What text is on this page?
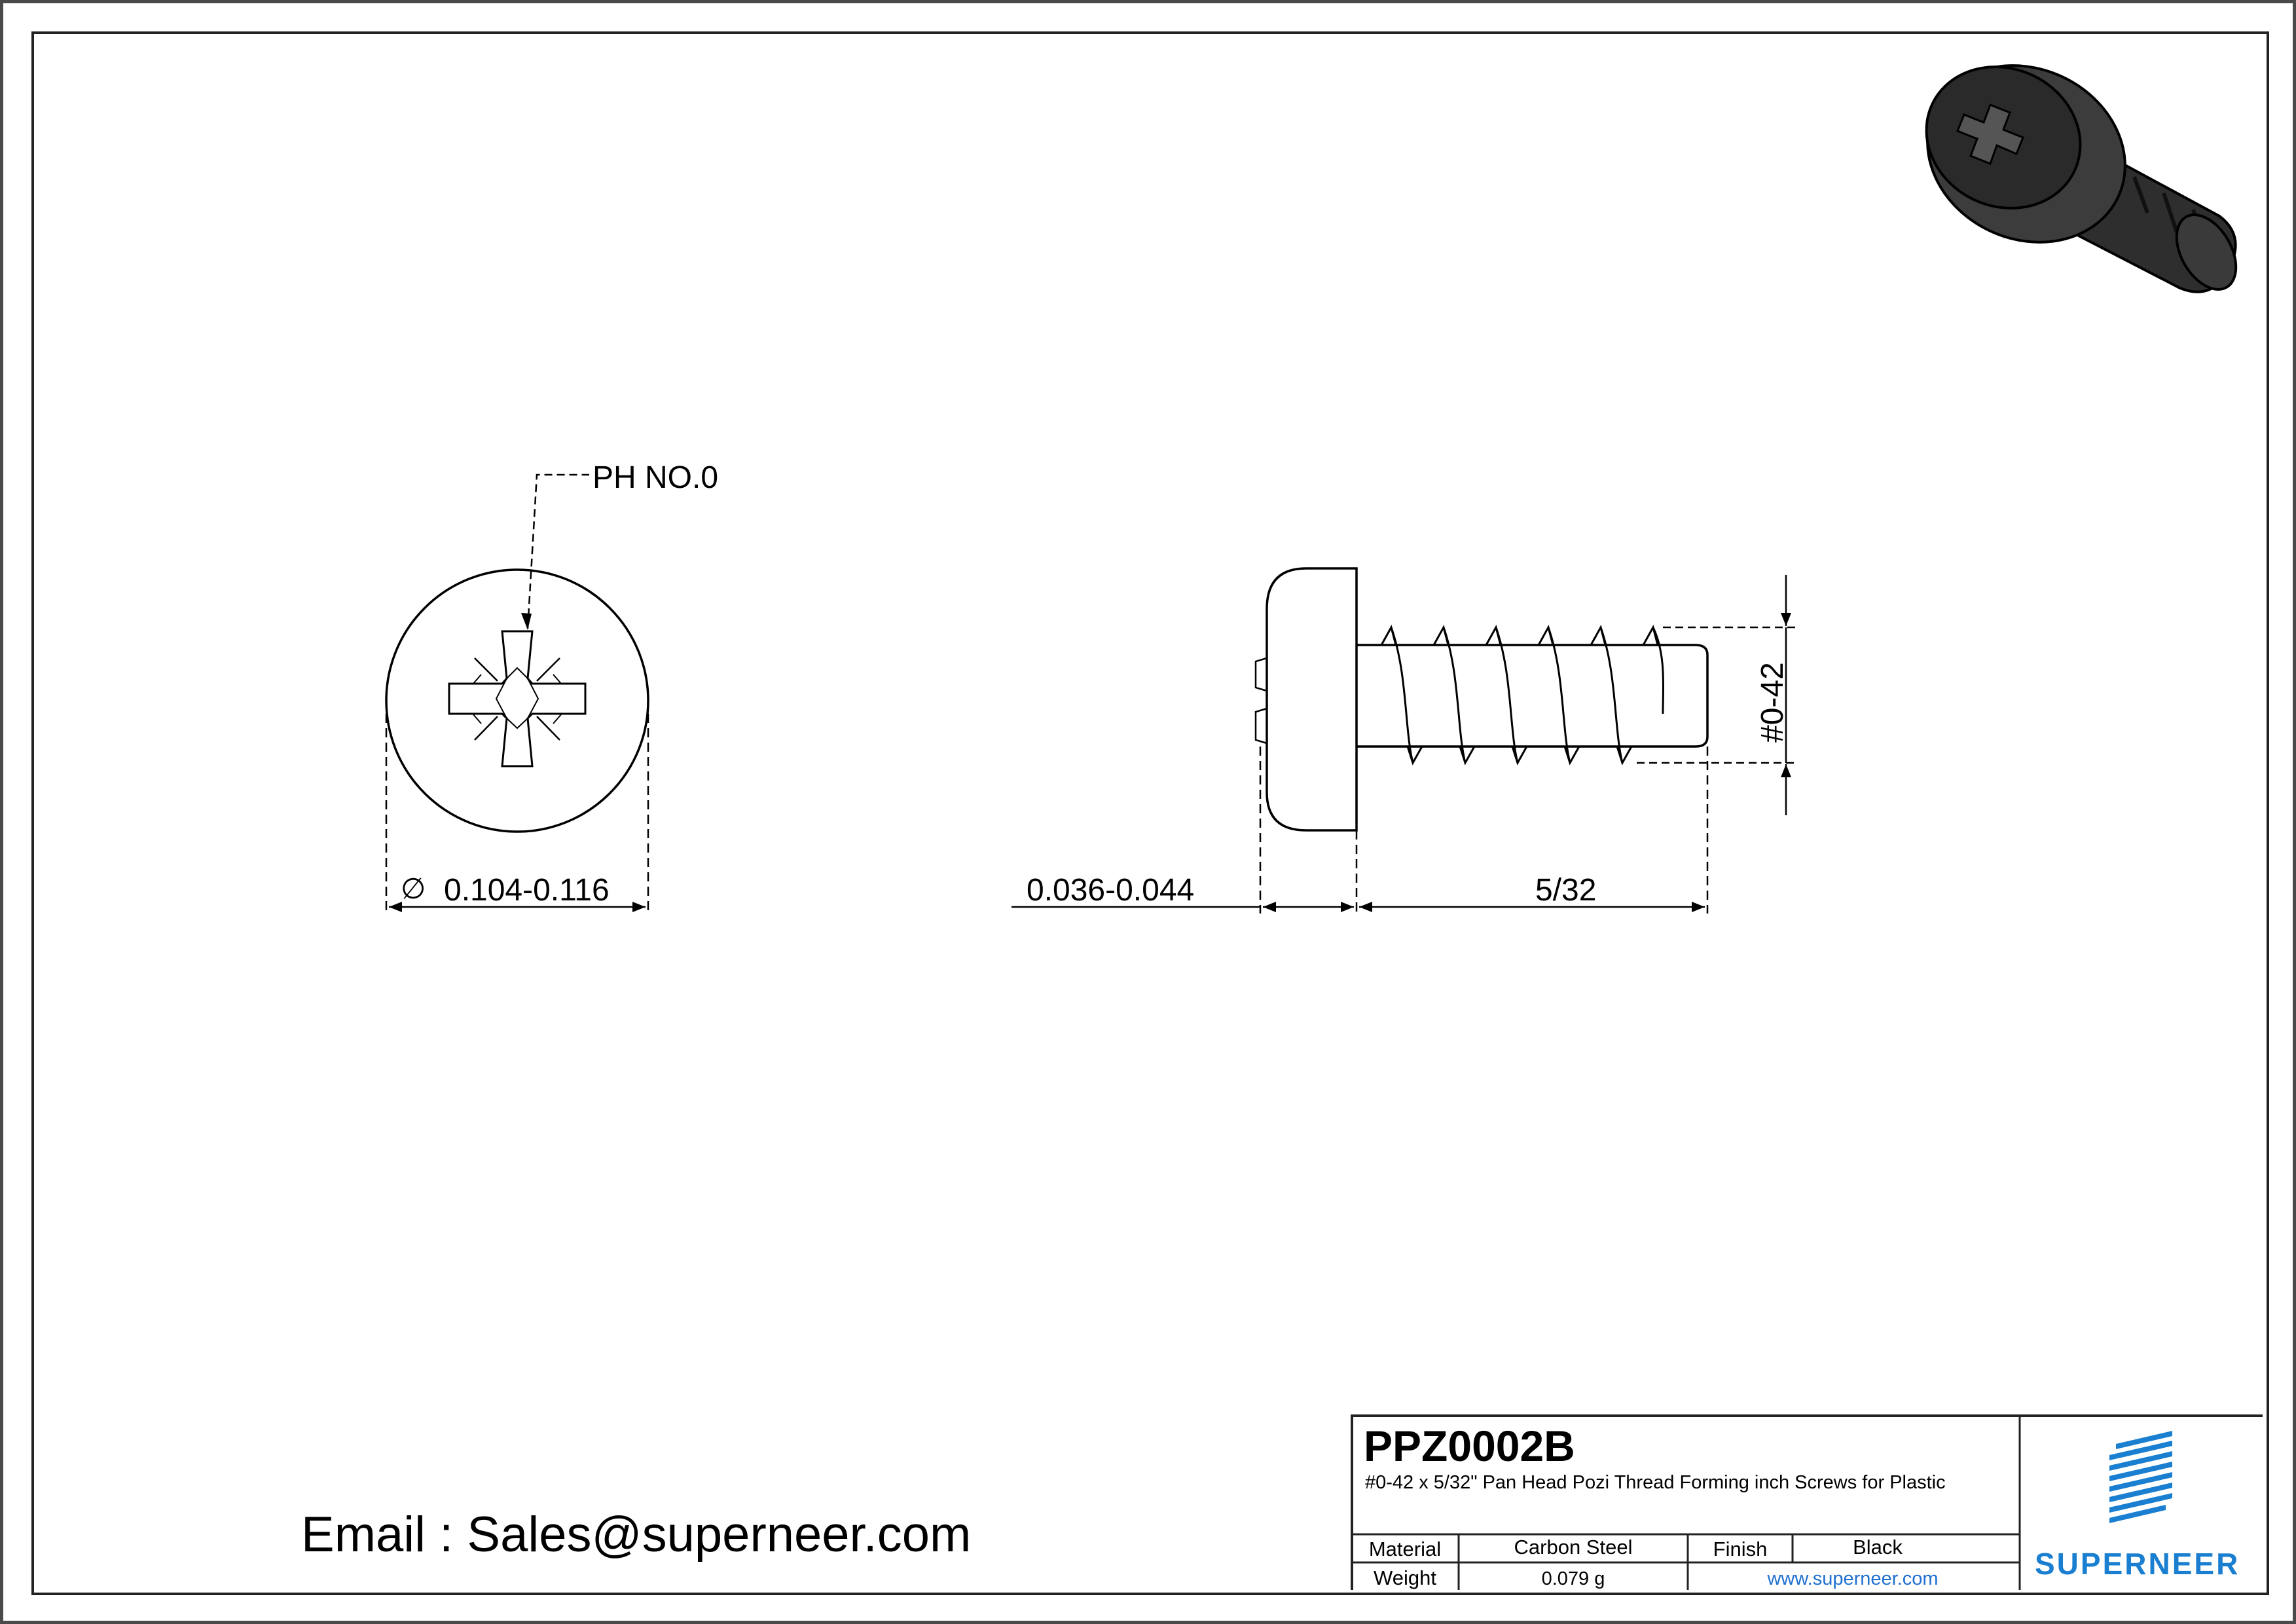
PH NO.0
∅ 0.104-0.116	0.036-0.044	5/32
#0-42
Email : Sales@superneer.com
PPZ0002B
#0-42 x 5/32" Pan Head Pozi Thread Forming inch Screws for Plastic
Material	Carbon Steel	Finish	Black
Weight	0.079 g	www.superneer.com	SUPERNEER
